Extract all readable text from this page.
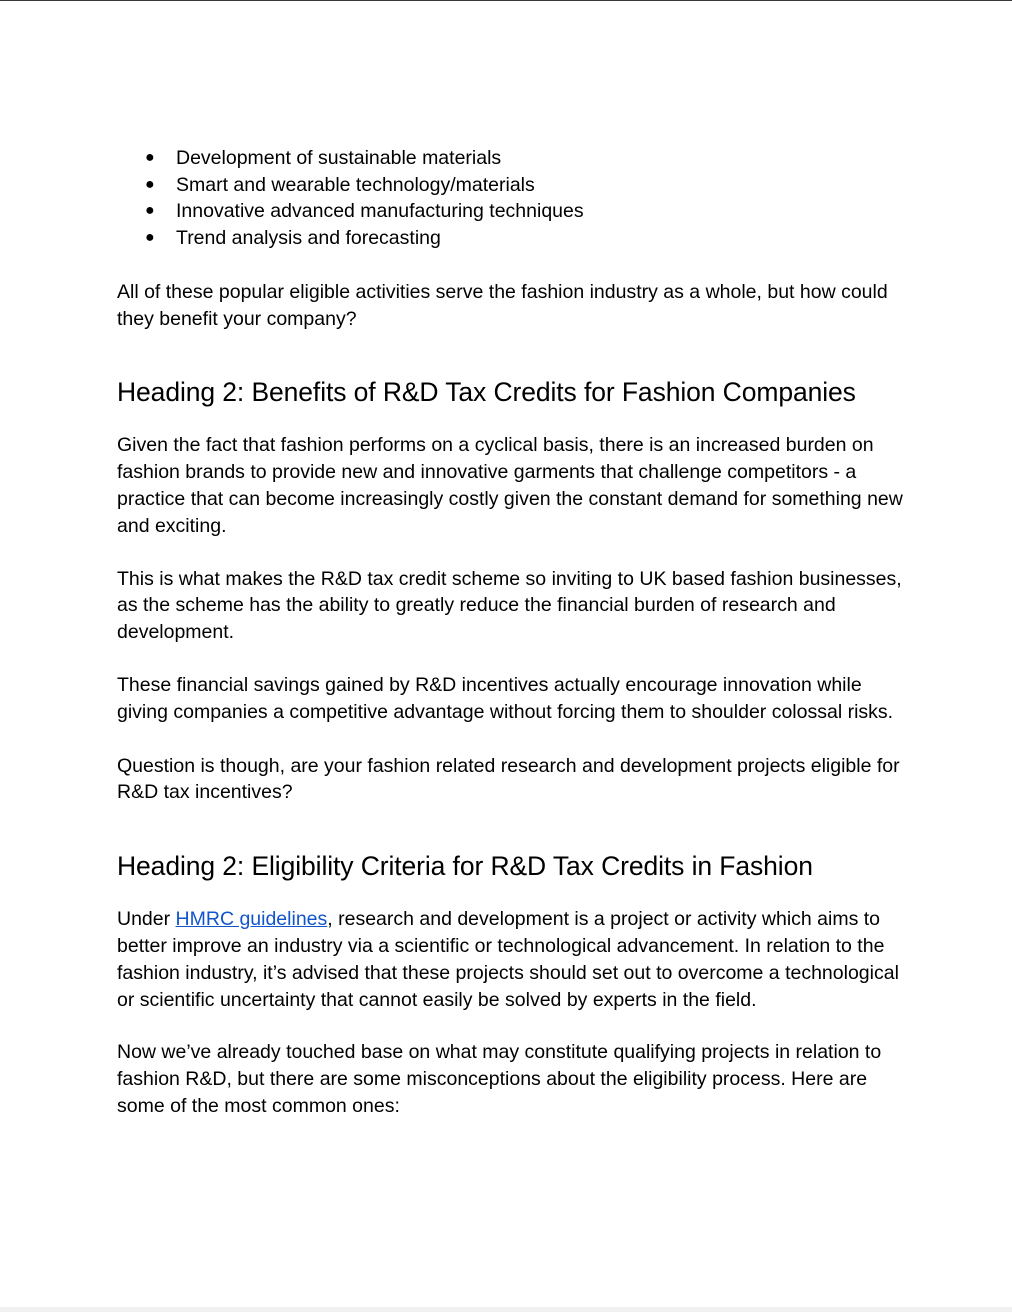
● Development of sustainable materials
● Smart and wearable technology/materials
● Innovative advanced manufacturing techniques
● Trend analysis and forecasting

All of these popular eligible activities serve the fashion industry as a whole, but how could they benefit your company?

Heading 2: Benefits of R&D Tax Credits for Fashion Companies

Given the fact that fashion performs on a cyclical basis, there is an increased burden on fashion brands to provide new and innovative garments that challenge competitors - a practice that can become increasingly costly given the constant demand for something new and exciting.

This is what makes the R&D tax credit scheme so inviting to UK based fashion businesses, as the scheme has the ability to greatly reduce the financial burden of research and development.

These financial savings gained by R&D incentives actually encourage innovation while giving companies a competitive advantage without forcing them to shoulder colossal risks.

Question is though, are your fashion related research and development projects eligible for R&D tax incentives?

Heading 2: Eligibility Criteria for R&D Tax Credits in Fashion

Under HMRC guidelines, research and development is a project or activity which aims to better improve an industry via a scientific or technological advancement. In relation to the fashion industry, it’s advised that these projects should set out to overcome a technological or scientific uncertainty that cannot easily be solved by experts in the field.

Now we’ve already touched base on what may constitute qualifying projects in relation to fashion R&D, but there are some misconceptions about the eligibility process. Here are some of the most common ones:
